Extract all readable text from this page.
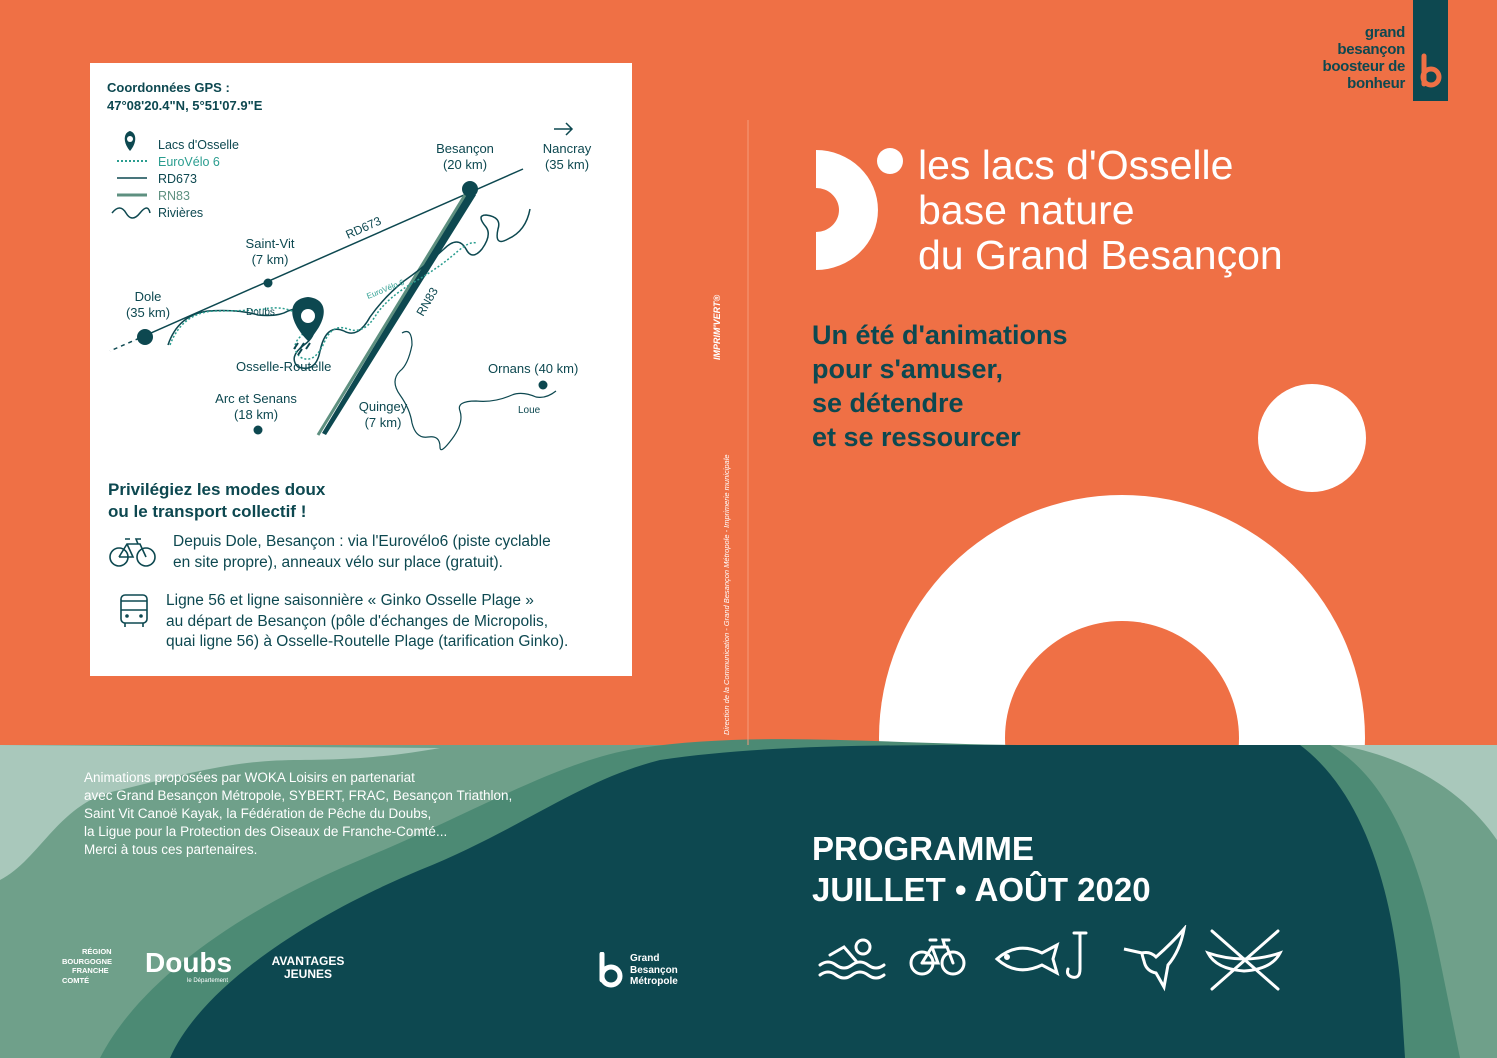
grand
besançon
boosteur de
bonheur
les lacs d'Osselle
base nature
du Grand Besançon
Un été d'animations
pour s'amuser,
se détendre
et se ressourcer
PROGRAMME
JUILLET • AOÛT 2020
Direction de la Communication - Grand Besançon Métropole - Imprimerie municipale
IMPRIM'VERT®
Coordonnées GPS :
47°08'20.4"N, 5°51'07.9"E
RD673
RN83
EuroVélo 6
Lacs d'Osselle
EuroVélo 6
RD673
RN83
Rivières
Besançon
(20 km)
Nancray
(35 km)
Saint-Vit
(7 km)
Dole
(35 km)	Doubs
Osselle-Routelle
Arc et Senans
(18 km)
Quingey
(7 km)
Ornans (40 km)
Loue
Privilégiez les modes doux
ou le transport collectif !
Depuis Dole, Besançon : via l'Eurovélo6 (piste cyclable
en site propre), anneaux vélo sur place (gratuit).
Ligne 56 et ligne saisonnière « Ginko Osselle Plage »
au départ de Besançon (pôle d'échanges de Micropolis,
quai ligne 56) à Osselle-Routelle Plage (tarification Ginko).
Animations proposées par WOKA Loisirs en partenariat
avec Grand Besançon Métropole, SYBERT, FRAC, Besançon Triathlon,
Saint Vit Canoë Kayak, la Fédération de Pêche du Doubs,
la Ligue pour la Protection des Oiseaux de Franche-Comté...
Merci à tous ces partenaires.
RÉGION
BOURGOGNE
FRANCHE
COMTÉ
Doubs
le Département
AVANTAGES
JEUNES
Grand
Besançon
Métropole
